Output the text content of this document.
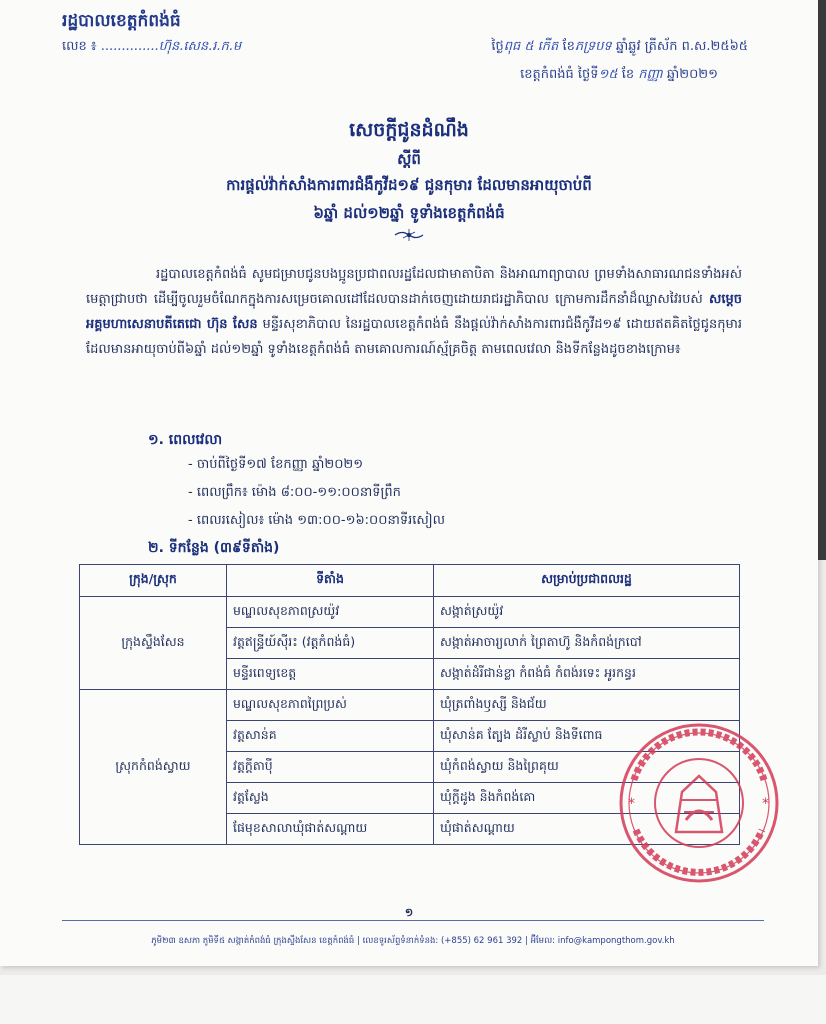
រដ្ឋបាលខេត្តកំពង់ធំ
លេខ ៖ ..............ហ៊ុន.សេន.រ.ក.ម	ថ្ងៃពុធ ៥ កើត ខែភទ្របទ ឆ្នាំឆ្លូវ ត្រីស័ក ព.ស.២៥៦៥
ខេត្តកំពង់ធំ ថ្ងៃទី១៥ ខែ កញ្ញា ឆ្នាំ២០២១
សេចក្តីជូនដំណឹង
ស្តីពី
ការផ្តល់វ៉ាក់សាំងការពារជំងឺកូវីដ១៩ ជូនកុមារ ដែលមានអាយុចាប់ពី
៦ឆ្នាំ ដល់១២ឆ្នាំ ទូទាំងខេត្តកំពង់ធំ
រដ្ឋបាលខេត្តកំពង់ធំ សូមជម្រាបជូនបងប្អូនប្រជាពលរដ្ឋដែលជាមាតាបិតា និងអាណាព្យាបាល ព្រមទាំងសាធារណជនទាំងអស់មេត្តាជ្រាបថា ដើម្បីចូលរួមចំណែកក្នុងការសម្រេចគោលដៅដែលបានដាក់ចេញដោយរាជរដ្ឋាភិបាល ក្រោមការដឹកនាំដ៏ឈ្លាសវៃរបស់ សម្តេចអគ្គមហាសេនាបតីតេជោ ហ៊ុន សែន មន្ទីរសុខាភិបាល នៃរដ្ឋបាលខេត្តកំពង់ធំ នឹងផ្តល់វ៉ាក់សាំងការពារជំងឺកូវីដ១៩ ដោយឥតគិតថ្លៃជូនកុមារ ដែលមានអាយុចាប់ពី៦ឆ្នាំ ដល់១២ឆ្នាំ ទូទាំងខេត្តកំពង់ធំ តាមគោលការណ៍ស្ម័គ្រចិត្ត តាមពេលវេលា និងទីកន្លែងដូចខាងក្រោម៖
១. ពេលវេលា
- ចាប់ពីថ្ងៃទី១៧ ខែកញ្ញា ឆ្នាំ២០២១
- ពេលព្រឹក៖ ម៉ោង ៨:០០-១១:០០នាទីព្រឹក
- ពេលរសៀល៖ ម៉ោង ១៣:០០-១៦:០០នាទីរសៀល
២. ទីកន្លែង (៣៩ទីតាំង)
ក្រុង/ស្រុក	ទីតាំង	សម្រាប់ប្រជាពលរដ្ឋ
ក្រុងស្ទឹងសែន	មណ្ឌលសុខភាពស្រយ៉ូវ	សង្កាត់ស្រយ៉ូវ
	វត្តឥន្ទ្រីយ៍ស៊ីរះ (វត្តកំពង់ធំ)	សង្កាត់អាចារ្យលាក់ ព្រៃតាហ៊ូ និងកំពង់ក្របៅ
	មន្ទីរពេទ្យខេត្ត	សង្កាត់ដំរីជាន់ខ្លា កំពង់ធំ កំពង់រទេះ អូរកន្ធរ
ស្រុកកំពង់ស្វាយ	មណ្ឌលសុខភាពព្រៃប្រស់	ឃុំត្រពាំងឫស្សី និងជ័យ
	វត្តសាន់គ	ឃុំសាន់គ ត្បែង ដំរីស្លាប់ និងទីពោធ
	វត្តក្តីតាប៉ី	ឃុំកំពង់ស្វាយ និងព្រៃគុយ
	វត្តស្លែង	ឃុំក្តីដូង និងកំពង់គោ
	ផែមុខសាលាឃុំផាត់សណ្តាយ	ឃុំផាត់សណ្តាយ
*	*
១
ភូមិ២៣ ឧសភា ភូមិទី៥ សង្កាត់កំពង់ធំ ក្រុងស្ទឹងសែន ខេត្តកំពង់ធំ | លេខទូរស័ព្ទទំនាក់ទំនង: (+855) 62 961 392 | អ៊ីមែល: info@kampongthom.gov.kh
